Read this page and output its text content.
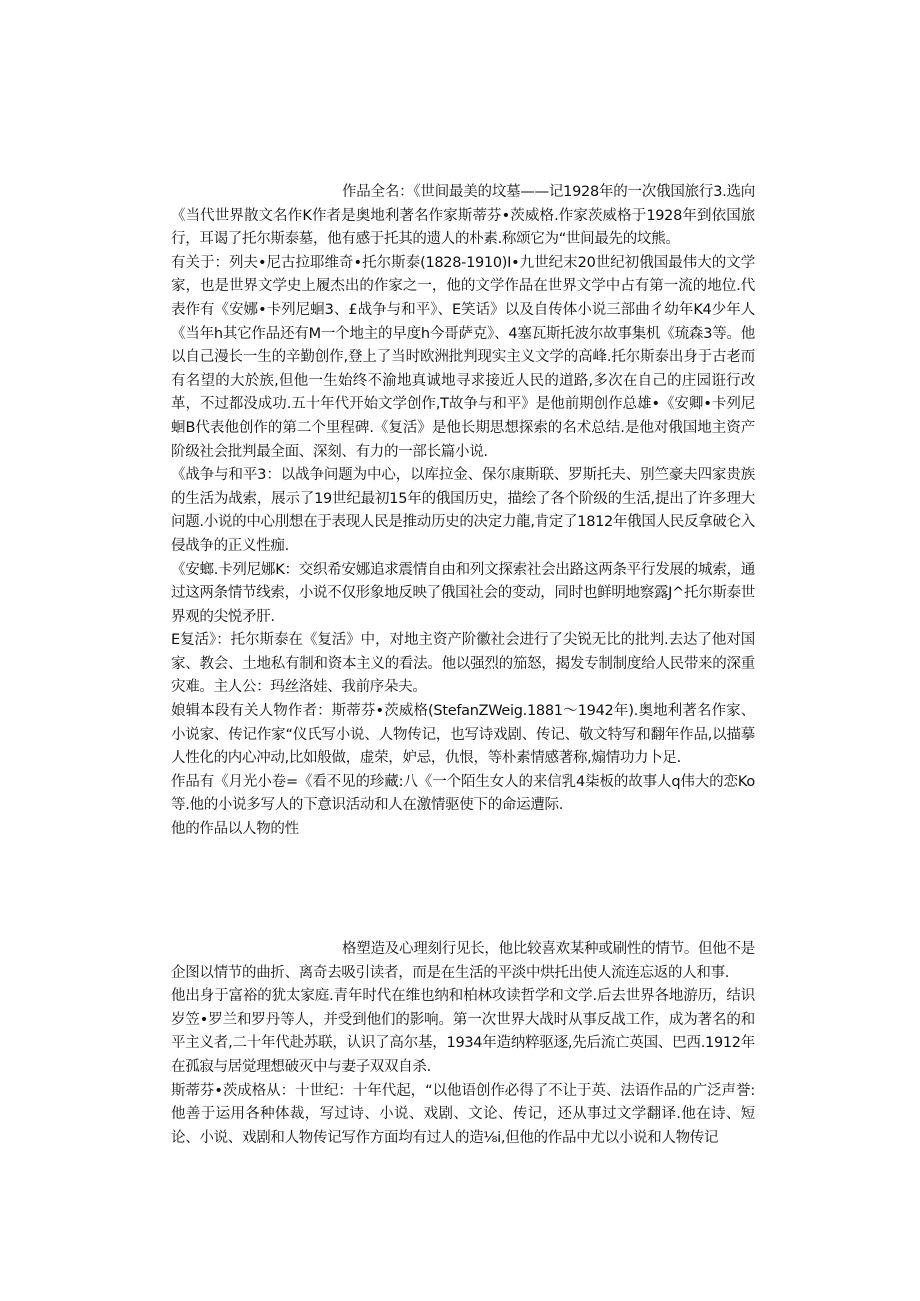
作品全名：《世间最美的坟墓——记1928年的一次俄国旅行3.选向《当代世界散文名作K作者是奥地利著名作家斯蒂芬•茨威格.作家茨威格于1928年到依国旅行，耳谒了托尔斯泰墓，他有感于托其的遗人的朴素.称颂它为“世间最先的坟熊。

有关于：列夫•尼古拉耶维奇•托尔斯泰(1828-1910)I•九世纪末20世纪初俄国最伟大的文学家，也是世界文学史上履杰出的作家之一，他的文学作品在世界文学中占有第一流的地位.代表作有《安娜•卡列尼蛔3、£战争与和平》、E笑话》以及自传体小说三部曲彳幼年K4少年人《当年h其它作品还有M一个地主的早度h今哥萨克》、4塞瓦斯托波尔故事集机《琉森3等。他以自己漫长一生的辛勤创作,登上了当时欧洲批判现实主义文学的高峰.托尔斯泰出身于古老而有名望的大於族,但他一生始终不渝地真诚地寻求接近人民的道路,多次在自己的庄园诳行改革，不过都没成功.五十年代开始文学创作,T故争与和平》是他前期创作总雄•《安卿•卡列尼蛔B代表他创作的第二个里程碑.《复活》是他长期思想探索的名术总结.是他对俄国地主资产阶级社会批判最全面、深刻、有力的一部长篇小说.

《战争与和平3：以战争问题为中心，以库拉金、保尔康斯联、罗斯托夫、别竺豪夫四家贵族的生活为战索，展示了19世纪最初15年的俄国历史，描绘了各个阶级的生活,提出了许多理大问题.小说的中心刖想在于表现人民是推动历史的决定力龍,肯定了1812年俄国人民反拿破仑入侵战争的正义性痂.

《安螂.卡列尼娜K：交织希安娜追求震情自由和列文探索社会出路这两条平行发展的城索，通过这两条情节线索，小说不仅形象地反映了俄国社会的变动，同时也鲜明地察露J^托尔斯泰世界观的尖悦矛肝.

E复活》：托尔斯泰在《复活》中，对地主资产阶徽社会进行了尖锐无比的批判.去达了他对国家、教会、土地私有制和资本主义的看法。他以强烈的笳怒，揭发专制制度给人民带来的深重灾难。主人公：玛丝洛娃、我前序朵夫。

娘辑本段有关人物作者：斯蒂芬•茨威格(StefanZWeig.1881～1942年).奥地利著名作家、小说家、传记作家“仪氏写小说、人物传记，也写诗戏剧、传记、敬文特写和翻年作品,以描摹人性化的内心冲动,比如般做，虚荣，妒忌，仇恨，等朴素情感著称,煽情功力卜足.

作品有《月光小卷=《看不见的珍藏:八《一个陌生女人的来信乳4柒板的故事人q伟大的恋Ko等.他的小说多写人的下意识活动和人在激情驱使下的命运遭际.

他的作品以人物的性

格塑造及心理刻行见长，他比较喜欢某种或刷性的情节。但他不是企图以情节的曲折、离奇去吸引读者，而是在生活的平淡中烘托出使人流连忘返的人和事.

他出身于富裕的犹太家庭.青年时代在维也纳和柏林攻读哲学和文学.后去世界各地游历，结识岁笠•罗兰和罗丹等人，并受到他们的影响。第一次世界大战时从事反战工作，成为著名的和平主义者,二十年代赴苏联，认识了高尔基，1934年造纳粹驱逐,先后流亡英国、巴西.1912年在孤寂与居觉理想破灭中与妻子双双自杀.

斯蒂芬•茨成格从：十世纪：十年代起，“以他语创作必得了不让于英、法语作品的广泛声誉:他善于运用各种体裁，写过诗、小说、戏剧、文论、传记，还从事过文学翻译.他在诗、短论、小说、戏剧和人物传记写作方面均有过人的造⅛i,但他的作品中尤以小说和人物传记
